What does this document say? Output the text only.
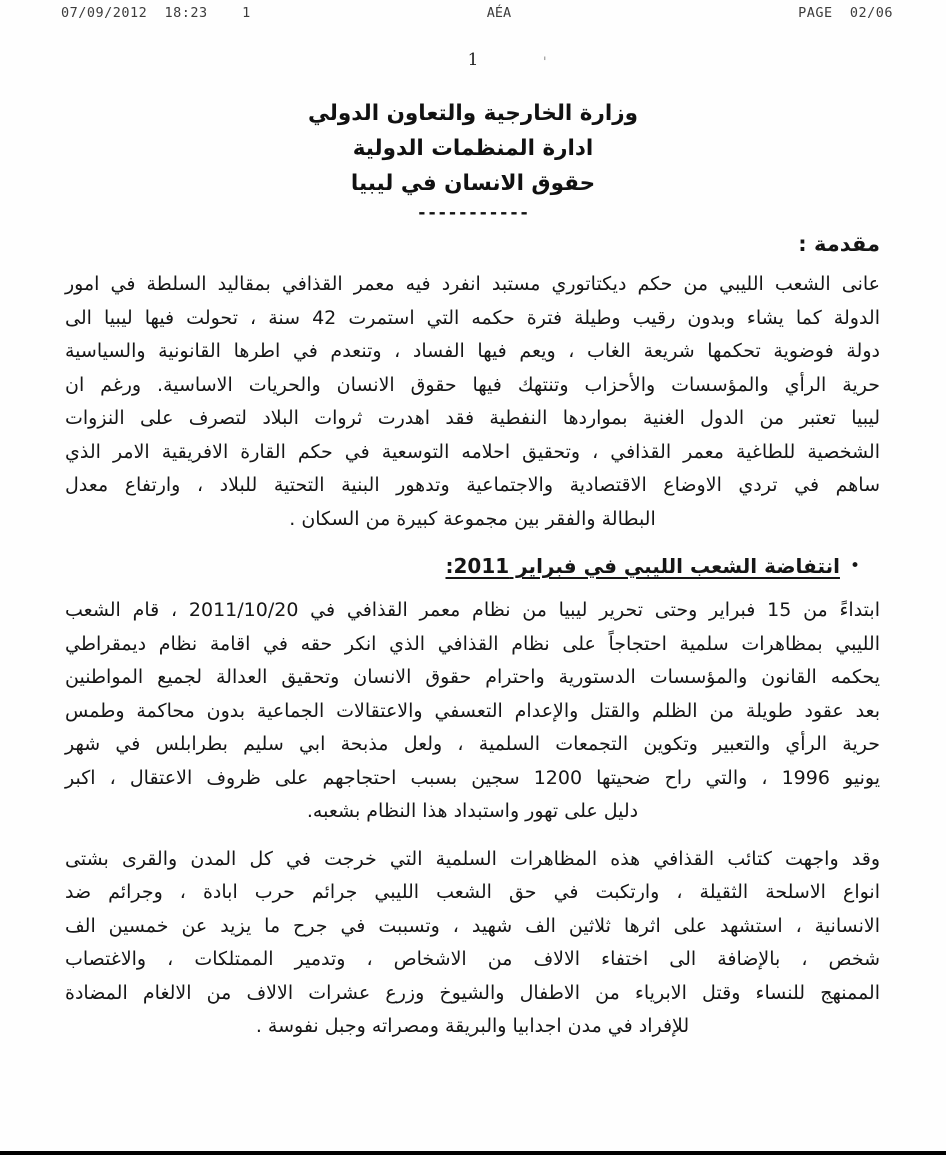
07/09/2012  18:23    1	AÉA	PAGE  02/06
1	'
وزارة الخارجية والتعاون الدولي
ادارة المنظمات الدولية
حقوق الانسان في ليبيا
-----------
مقدمة :
عانى الشعب الليبي من حكم ديكتاتوري مستبد انفرد فيه معمر القذافي بمقاليد السلطة في امور
الدولة كما يشاء وبدون رقيب وطيلة فترة حكمه التي استمرت 42 سنة ، تحولت فيها ليبيا الى
دولة فوضوية تحكمها شريعة الغاب ، ويعم فيها الفساد ، وتنعدم في اطرها القانونية والسياسية
حرية الرأي والمؤسسات والأحزاب وتنتهك فيها حقوق الانسان والحريات الاساسية. ورغم ان
ليبيا تعتبر من الدول الغنية بمواردها النفطية فقد اهدرت ثروات البلاد لتصرف على النزوات
الشخصية للطاغية معمر القذافي ، وتحقيق احلامه التوسعية في حكم القارة الافريقية الامر الذي
ساهم في تردي الاوضاع الاقتصادية والاجتماعية وتدهور البنية التحتية للبلاد ، وارتفاع معدل
البطالة والفقر بين مجموعة كبيرة من السكان .
•انتفاضة الشعب الليبي في فبراير 2011:
ابتداءً من 15 فبراير وحتى تحرير ليبيا من نظام معمر القذافي في 2011/10/20 ، قام الشعب
الليبي بمظاهرات سلمية احتجاجاً على نظام القذافي الذي انكر حقه في اقامة نظام ديمقراطي
يحكمه القانون والمؤسسات الدستورية واحترام حقوق الانسان وتحقيق العدالة لجميع المواطنين
بعد عقود طويلة من الظلم والقتل والإعدام التعسفي والاعتقالات الجماعية بدون محاكمة وطمس
حرية الرأي والتعبير وتكوين التجمعات السلمية ، ولعل مذبحة ابي سليم بطرابلس في شهر
يونيو 1996 ، والتي راح ضحيتها 1200 سجين بسبب احتجاجهم على ظروف الاعتقال ، اكبر
دليل على تهور واستبداد هذا النظام بشعبه.
وقد واجهت كتائب القذافي هذه المظاهرات السلمية التي خرجت في كل المدن والقرى بشتى
انواع الاسلحة الثقيلة ، وارتكبت في حق الشعب الليبي جرائم حرب ابادة ، وجرائم ضد
الانسانية ، استشهد على اثرها ثلاثين الف شهيد ، وتسببت في جرح ما يزيد عن خمسين الف
شخص ، بالإضافة الى اختفاء الالاف من الاشخاص ، وتدمير الممتلكات ، والاغتصاب
الممنهج للنساء وقتل الابرياء من الاطفال والشيوخ وزرع عشرات الالاف من الالغام المضادة
للإفراد في مدن اجدابيا والبريقة ومصراته وجبل نفوسة .
